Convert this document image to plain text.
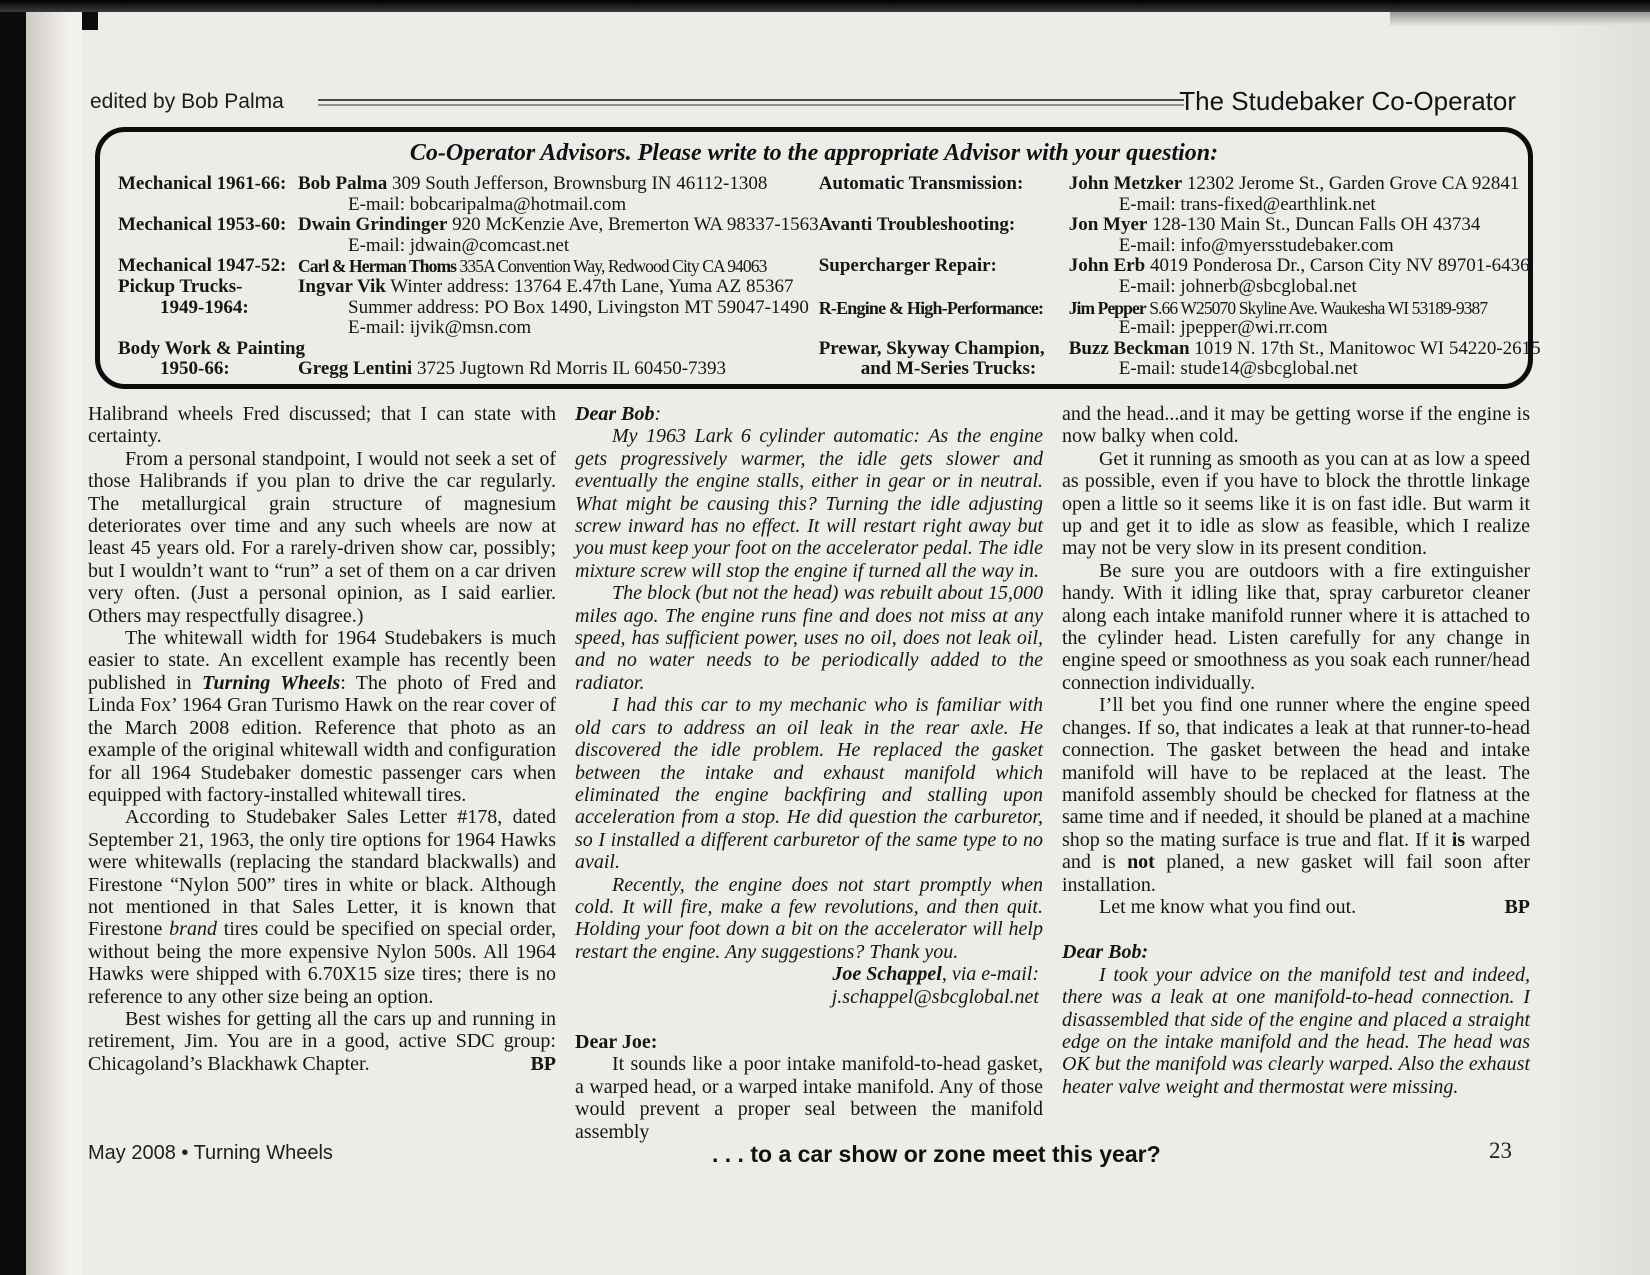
edited by Bob Palma	The Studebaker Co-Operator
Co-Operator Advisors. Please write to the appropriate Advisor with your question:
Mechanical 1961-66: Bob Palma 309 South Jefferson, Brownsburg IN 46112-1308
E-mail: bobcaripalma@hotmail.com
Mechanical 1953-60: Dwain Grindinger 920 McKenzie Ave, Bremerton WA 98337-1563
E-mail: jdwain@comcast.net
Mechanical 1947-52: Carl & Herman Thoms 335A Convention Way, Redwood City CA 94063
Pickup Trucks-	Ingvar Vik Winter address: 13764 E.47th Lane, Yuma AZ 85367
1949-1964:	Summer address: PO Box 1490, Livingston MT 59047-1490
E-mail: ijvik@msn.com
Body Work & Painting
1950-66:	Gregg Lentini 3725 Jugtown Rd Morris IL 60450-7393
Automatic Transmission:	John Metzker 12302 Jerome St., Garden Grove CA 92841
E-mail: trans-fixed@earthlink.net
Avanti Troubleshooting:	Jon Myer 128-130 Main St., Duncan Falls OH 43734
E-mail: info@myersstudebaker.com
Supercharger Repair:	John Erb 4019 Ponderosa Dr., Carson City NV 89701-6436
E-mail: johnerb@sbcglobal.net
R-Engine & High-Performance:	Jim Pepper S.66 W25070 Skyline Ave. Waukesha WI 53189-9387
E-mail: jpepper@wi.rr.com
Prewar, Skyway Champion,	Buzz Beckman 1019 N. 17th St., Manitowoc WI 54220-2615
and M-Series Trucks:	E-mail: stude14@sbcglobal.net

Halibrand wheels Fred discussed; that I can state with certainty.

From a personal standpoint, I would not seek a set of those Halibrands if you plan to drive the car regularly. The metallurgical grain structure of magnesium deteriorates over time and any such wheels are now at least 45 years old. For a rarely-driven show car, possibly; but I wouldn’t want to “run” a set of them on a car driven very often. (Just a personal opinion, as I said earlier. Others may respectfully disagree.)

The whitewall width for 1964 Studebakers is much easier to state. An excellent example has recently been published in Turning Wheels: The photo of Fred and Linda Fox’ 1964 Gran Turismo Hawk on the rear cover of the March 2008 edition. Reference that photo as an example of the original whitewall width and configuration for all 1964 Studebaker domestic passenger cars when equipped with factory-installed whitewall tires.

According to Studebaker Sales Letter #178, dated September 21, 1963, the only tire options for 1964 Hawks were whitewalls (replacing the standard blackwalls) and Firestone “Nylon 500” tires in white or black. Although not mentioned in that Sales Letter, it is known that Firestone brand tires could be specified on special order, without being the more expensive Nylon 500s. All 1964 Hawks were shipped with 6.70X15 size tires; there is no reference to any other size being an option.

Best wishes for getting all the cars up and running in retirement, Jim. You are in a good, active SDC group: Chicagoland’s Blackhawk Chapter.	BP

Dear Bob:

My 1963 Lark 6 cylinder automatic: As the engine gets progressively warmer, the idle gets slower and eventually the engine stalls, either in gear or in neutral. What might be causing this? Turning the idle adjusting screw inward has no effect. It will restart right away but you must keep your foot on the accelerator pedal. The idle mixture screw will stop the engine if turned all the way in.

The block (but not the head) was rebuilt about 15,000 miles ago. The engine runs fine and does not miss at any speed, has sufficient power, uses no oil, does not leak oil, and no water needs to be periodically added to the radiator.

I had this car to my mechanic who is familiar with old cars to address an oil leak in the rear axle. He discovered the idle problem. He replaced the gasket between the intake and exhaust manifold which eliminated the engine backfiring and stalling upon acceleration from a stop. He did question the carburetor, so I installed a different carburetor of the same type to no avail.

Recently, the engine does not start promptly when cold. It will fire, make a few revolutions, and then quit. Holding your foot down a bit on the accelerator will help restart the engine. Any suggestions? Thank you.

Joe Schappel, via e-mail:

j.schappel@sbcglobal.net

Dear Joe:

It sounds like a poor intake manifold-to-head gasket, a warped head, or a warped intake manifold. Any of those would prevent a proper seal between the manifold assembly

and the head...and it may be getting worse if the engine is now balky when cold.

Get it running as smooth as you can at as low a speed as possible, even if you have to block the throttle linkage open a little so it seems like it is on fast idle. But warm it up and get it to idle as slow as feasible, which I realize may not be very slow in its present condition.

Be sure you are outdoors with a fire extinguisher handy. With it idling like that, spray carburetor cleaner along each intake manifold runner where it is attached to the cylinder head. Listen carefully for any change in engine speed or smoothness as you soak each runner/head connection individually.

I’ll bet you find one runner where the engine speed changes. If so, that indicates a leak at that runner-to-head connection. The gasket between the head and intake manifold will have to be replaced at the least. The manifold assembly should be checked for flatness at the same time and if needed, it should be planed at a machine shop so the mating surface is true and flat. If it is warped and is not planed, a new gasket will fail soon after installation.

Let me know what you find out.	BP

Dear Bob:

I took your advice on the manifold test and indeed, there was a leak at one manifold-to-head connection. I disassembled that side of the engine and placed a straight edge on the intake manifold and the head. The head was OK but the manifold was clearly warped. Also the exhaust heater valve weight and thermostat were missing.

May 2008 • Turning Wheels	. . . to a car show or zone meet this year?	23
